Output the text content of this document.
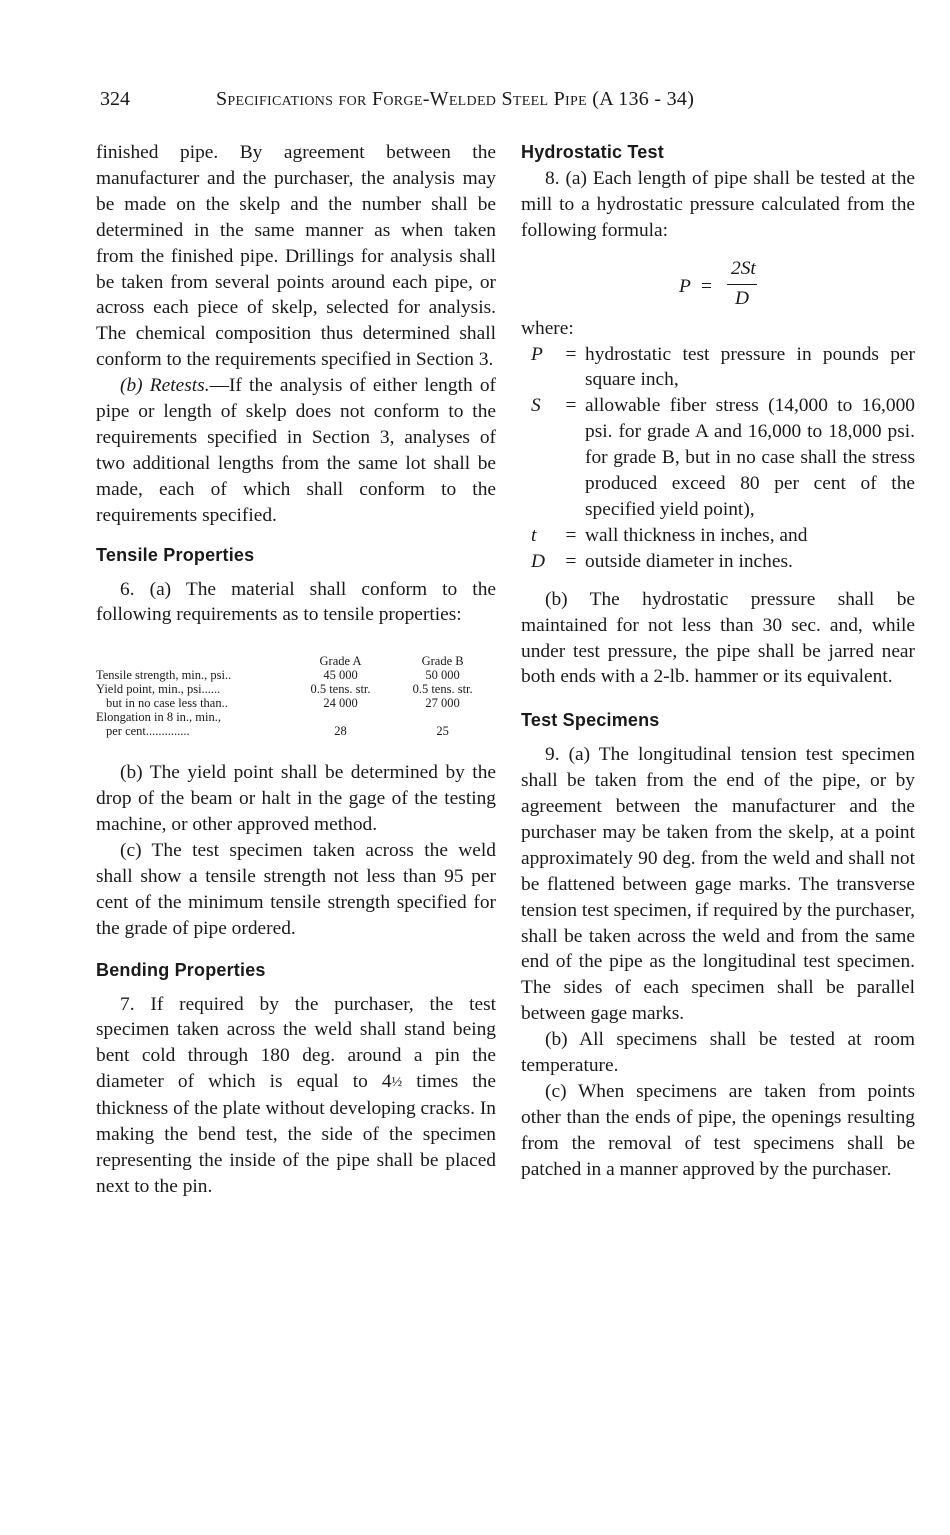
324	Specifications for Forge-Welded Steel Pipe (A 136 - 34)

finished pipe. By agreement between the manufacturer and the purchaser, the analysis may be made on the skelp and the number shall be determined in the same manner as when taken from the finished pipe. Drillings for analysis shall be taken from several points around each pipe, or across each piece of skelp, selected for analysis. The chemical composition thus determined shall conform to the requirements specified in Section 3.

(b) Retests.—If the analysis of either length of pipe or length of skelp does not conform to the requirements specified in Section 3, analyses of two additional lengths from the same lot shall be made, each of which shall conform to the requirements specified.

Tensile Properties

6. (a) The material shall conform to the following requirements as to tensile properties:

	Grade A	Grade B
Tensile strength, min., psi..	45 000	50 000
Yield point, min., psi......	0.5 tens. str.	0.5 tens. str.
but in no case less than..	24 000	27 000
Elongation in 8 in., min.,		
per cent..............	28	25

(b) The yield point shall be determined by the drop of the beam or halt in the gage of the testing machine, or other approved method.

(c) The test specimen taken across the weld shall show a tensile strength not less than 95 per cent of the minimum tensile strength specified for the grade of pipe ordered.

Bending Properties

7. If required by the purchaser, the test specimen taken across the weld shall stand being bent cold through 180 deg. around a pin the diameter of which is equal to 4½ times the thickness of the plate without developing cracks. In making the bend test, the side of the specimen representing the inside of the pipe shall be placed next to the pin.

Hydrostatic Test

8. (a) Each length of pipe shall be tested at the mill to a hydrostatic pressure calculated from the following formula:

P =
2St
D

where:

P	= hydrostatic test pressure in pounds per square inch,
S	= allowable fiber stress (14,000 to 16,000 psi. for grade A and 16,000 to 18,000 psi. for grade B, but in no case shall the stress produced exceed 80 per cent of the specified yield point),
t	= wall thickness in inches, and
D	= outside diameter in inches.

(b) The hydrostatic pressure shall be maintained for not less than 30 sec. and, while under test pressure, the pipe shall be jarred near both ends with a 2-lb. hammer or its equivalent.

Test Specimens

9. (a) The longitudinal tension test specimen shall be taken from the end of the pipe, or by agreement between the manufacturer and the purchaser may be taken from the skelp, at a point approximately 90 deg. from the weld and shall not be flattened between gage marks. The transverse tension test specimen, if required by the purchaser, shall be taken across the weld and from the same end of the pipe as the longitudinal test specimen. The sides of each specimen shall be parallel between gage marks.

(b) All specimens shall be tested at room temperature.

(c) When specimens are taken from points other than the ends of pipe, the openings resulting from the removal of test specimens shall be patched in a manner approved by the purchaser.
